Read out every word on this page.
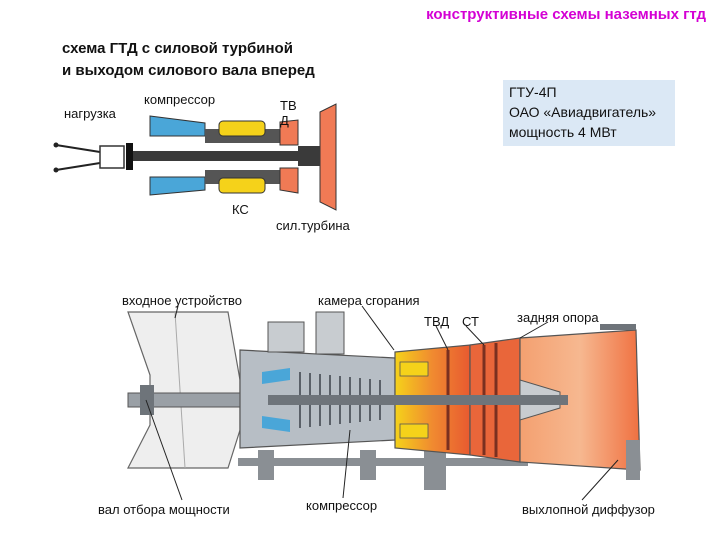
конструктивные схемы наземных гтд
схема ГТД с силовой турбиной
и выходом силового вала вперед
ГТУ-4П
ОАО «Авиадвигатель»
мощность 4 МВт
нагрузка
компрессор	ТВД
КС
сил.турбина
входное устройство	камера сгорания
ТВД СТ	задняя опора
вал отбора мощности	компрессор	выхлопной диффузор
